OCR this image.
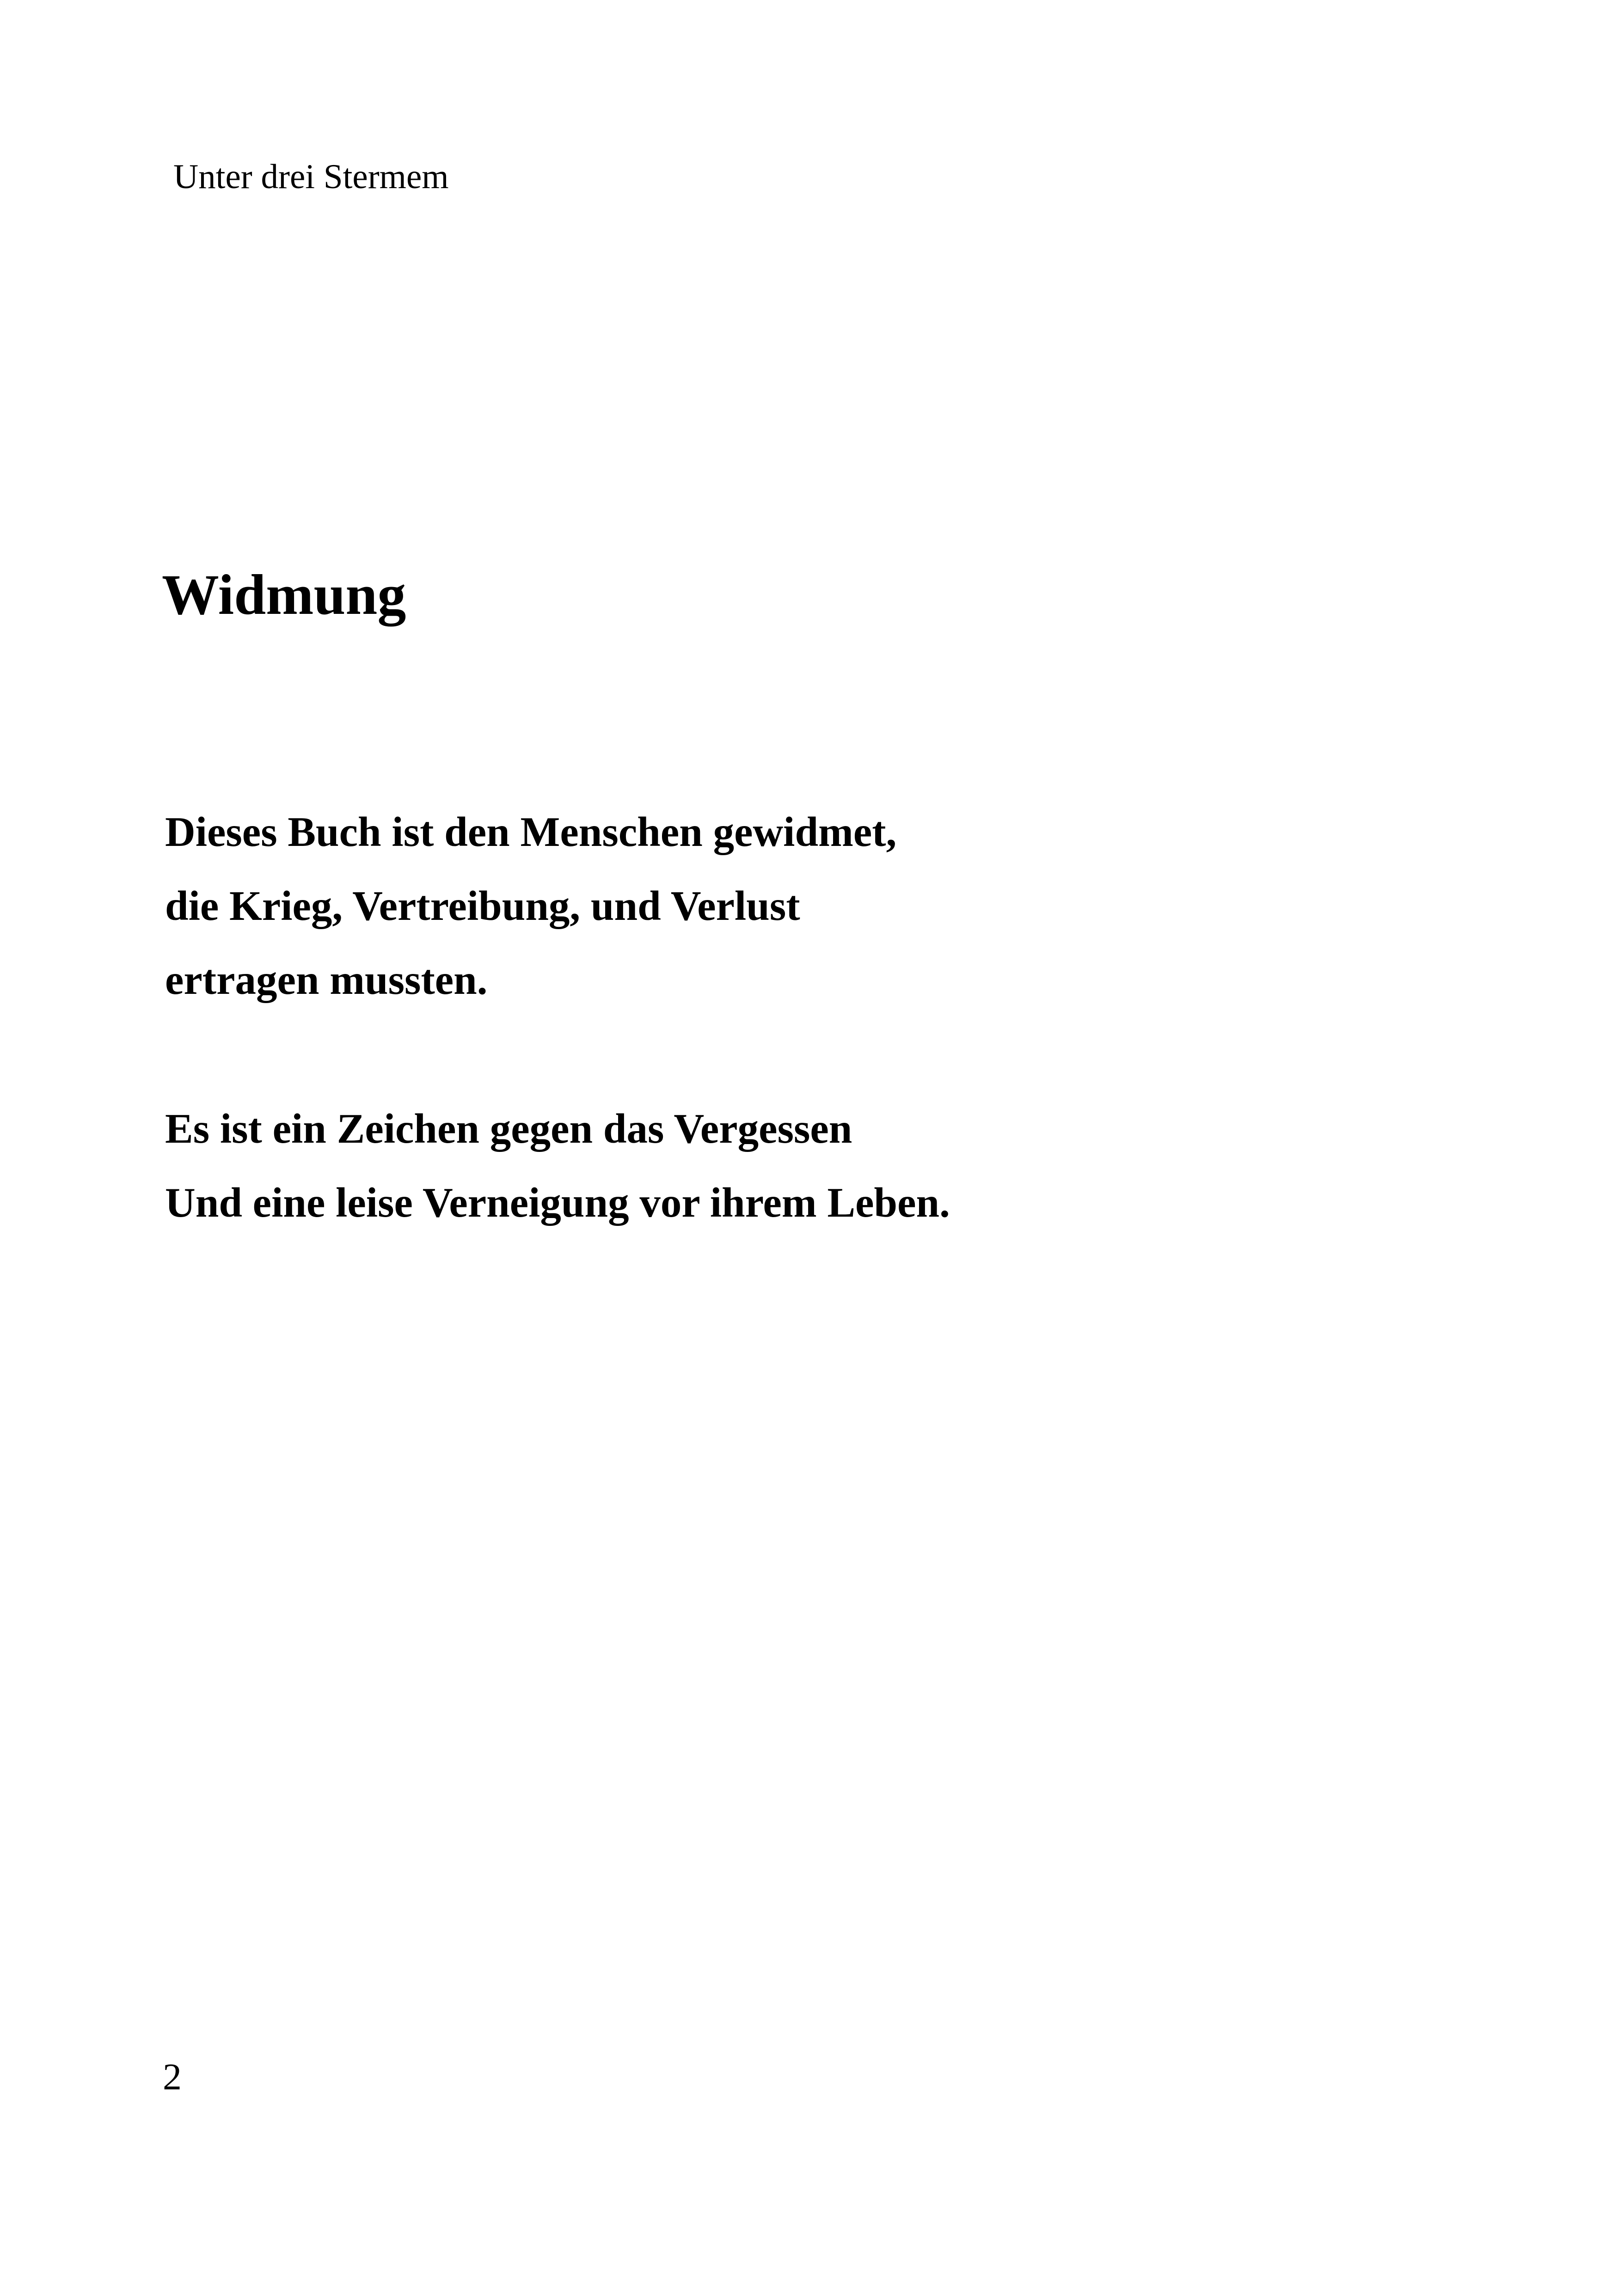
Unter drei Stermem
Widmung

Dieses Buch ist den Menschen gewidmet,
die Krieg, Vertreibung, und Verlust
ertragen mussten.

Es ist ein Zeichen gegen das Vergessen
Und eine leise Verneigung vor ihrem Leben.

2
